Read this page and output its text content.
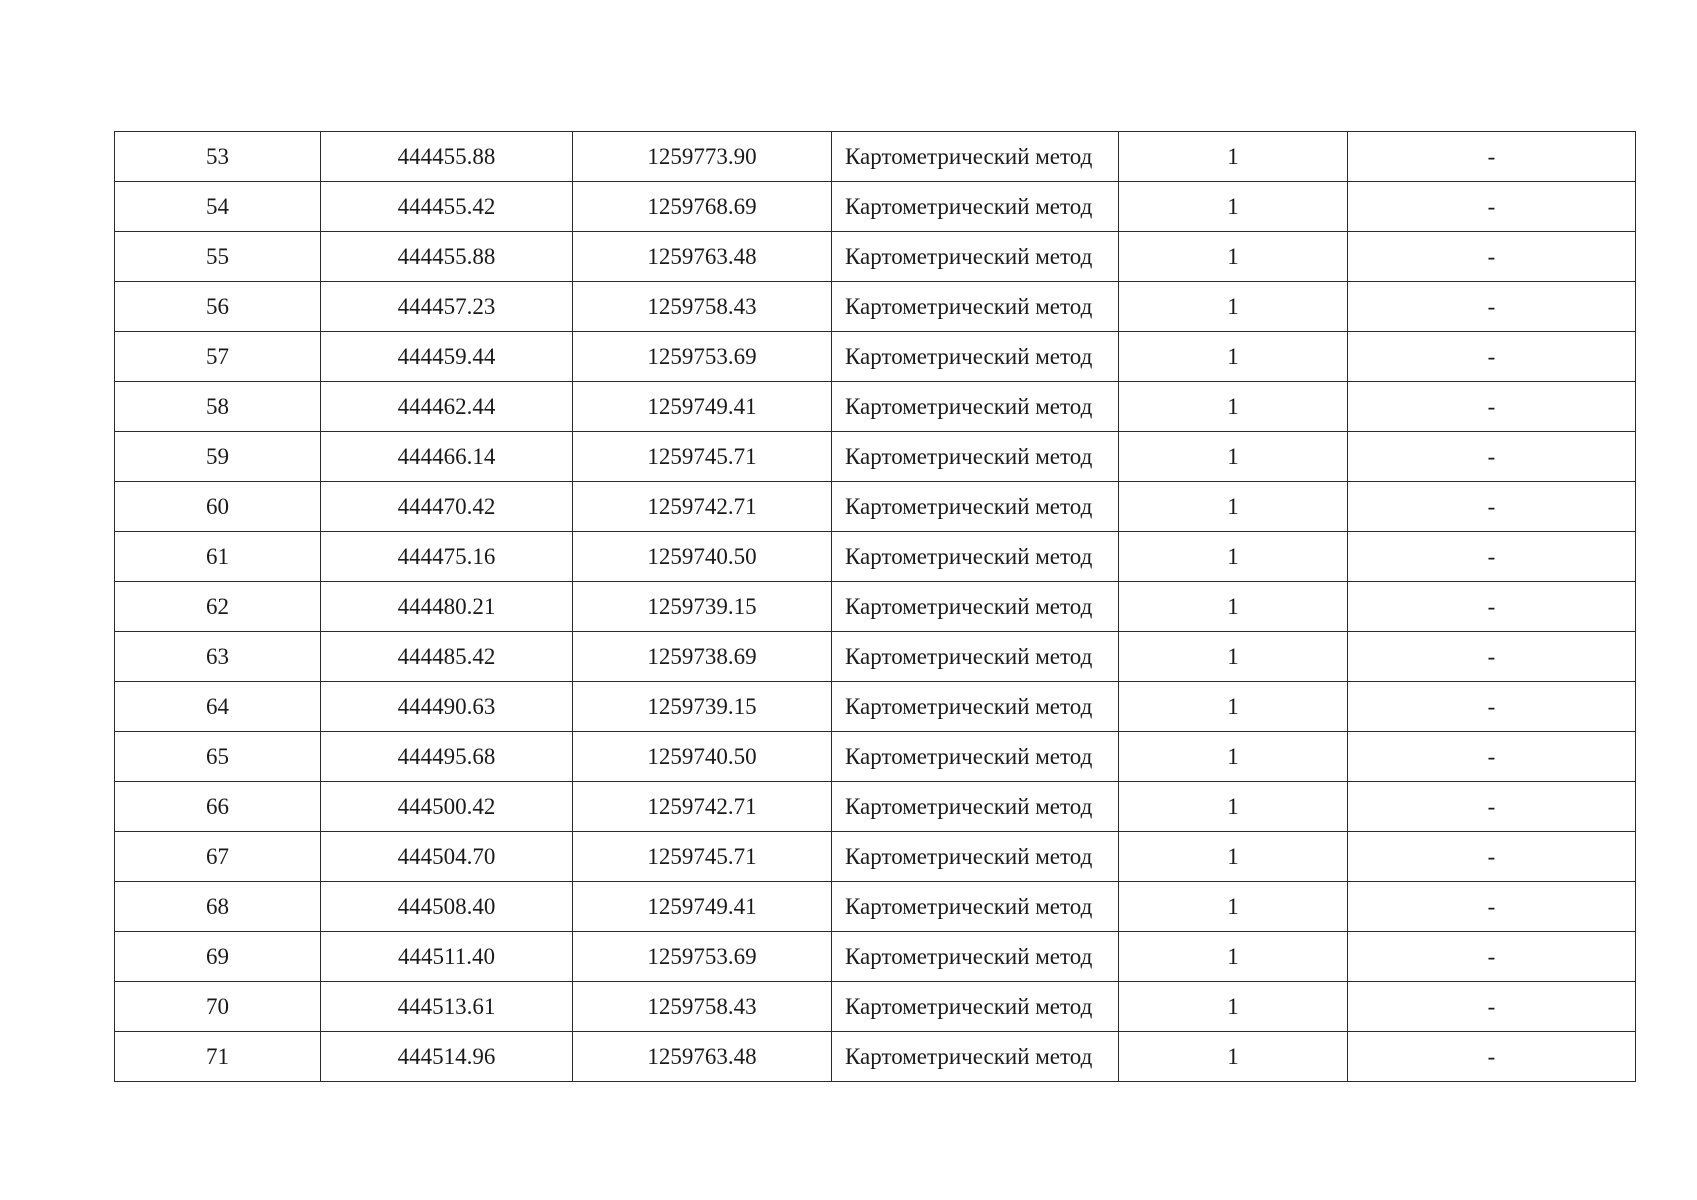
53	444455.88	1259773.90	Картометрический метод	1	-
54	444455.42	1259768.69	Картометрический метод	1	-
55	444455.88	1259763.48	Картометрический метод	1	-
56	444457.23	1259758.43	Картометрический метод	1	-
57	444459.44	1259753.69	Картометрический метод	1	-
58	444462.44	1259749.41	Картометрический метод	1	-
59	444466.14	1259745.71	Картометрический метод	1	-
60	444470.42	1259742.71	Картометрический метод	1	-
61	444475.16	1259740.50	Картометрический метод	1	-
62	444480.21	1259739.15	Картометрический метод	1	-
63	444485.42	1259738.69	Картометрический метод	1	-
64	444490.63	1259739.15	Картометрический метод	1	-
65	444495.68	1259740.50	Картометрический метод	1	-
66	444500.42	1259742.71	Картометрический метод	1	-
67	444504.70	1259745.71	Картометрический метод	1	-
68	444508.40	1259749.41	Картометрический метод	1	-
69	444511.40	1259753.69	Картометрический метод	1	-
70	444513.61	1259758.43	Картометрический метод	1	-
71	444514.96	1259763.48	Картометрический метод	1	-
